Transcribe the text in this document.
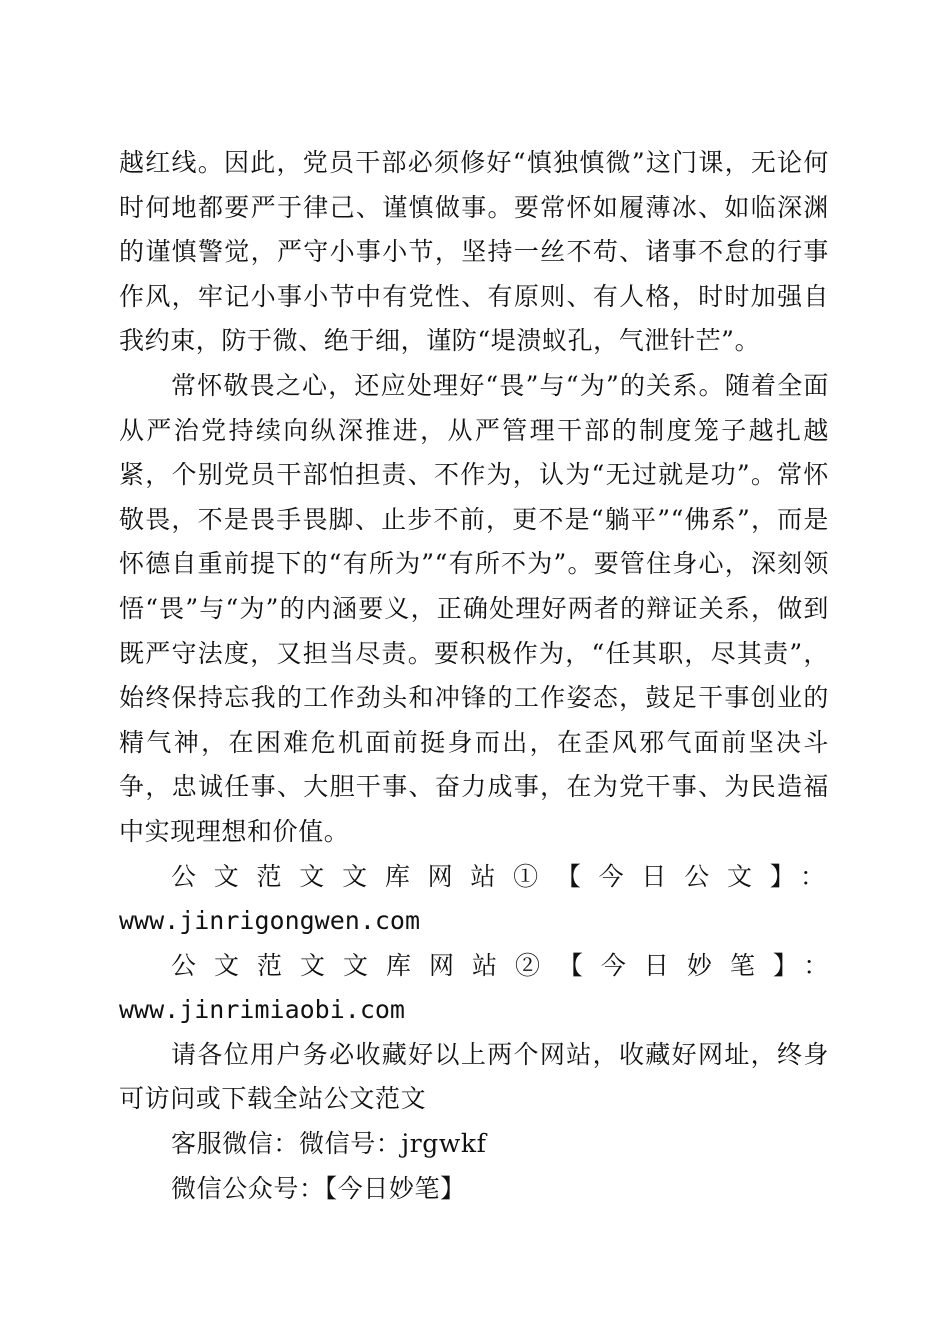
越红线。因此，党员干部必须修好“慎独慎微”这门课，无论何时何地都要严于律己、谨慎做事。要常怀如履薄冰、如临深渊的谨慎警觉，严守小事小节，坚持一丝不苟、诸事不怠的行事作风，牢记小事小节中有党性、有原则、有人格，时时加强自我约束，防于微、绝于细，谨防“堤溃蚁孔，气泄针芒”。

常怀敬畏之心，还应处理好“畏”与“为”的关系。随着全面从严治党持续向纵深推进，从严管理干部的制度笼子越扎越紧，个别党员干部怕担责、不作为，认为“无过就是功”。常怀敬畏，不是畏手畏脚、止步不前，更不是“躺平”“佛系”，而是怀德自重前提下的“有所为”“有所不为”。要管住身心，深刻领悟“畏”与“为”的内涵要义，正确处理好两者的辩证关系，做到既严守法度，又担当尽责。要积极作为，“任其职，尽其责”，始终保持忘我的工作劲头和冲锋的工作姿态，鼓足干事创业的精气神，在困难危机面前挺身而出，在歪风邪气面前坚决斗争，忠诚任事、大胆干事、奋力成事，在为党干事、为民造福中实现理想和价值。

公文范文文库网站①【今日公文】：
www.jinrigongwen.com

公文范文文库网站②【今日妙笔】：www.jinrimiaobi.com

请各位用户务必收藏好以上两个网站，收藏好网址，终身可访问或下载全站公文范文

客服微信：微信号：jrgwkf

微信公众号：【今日妙笔】
